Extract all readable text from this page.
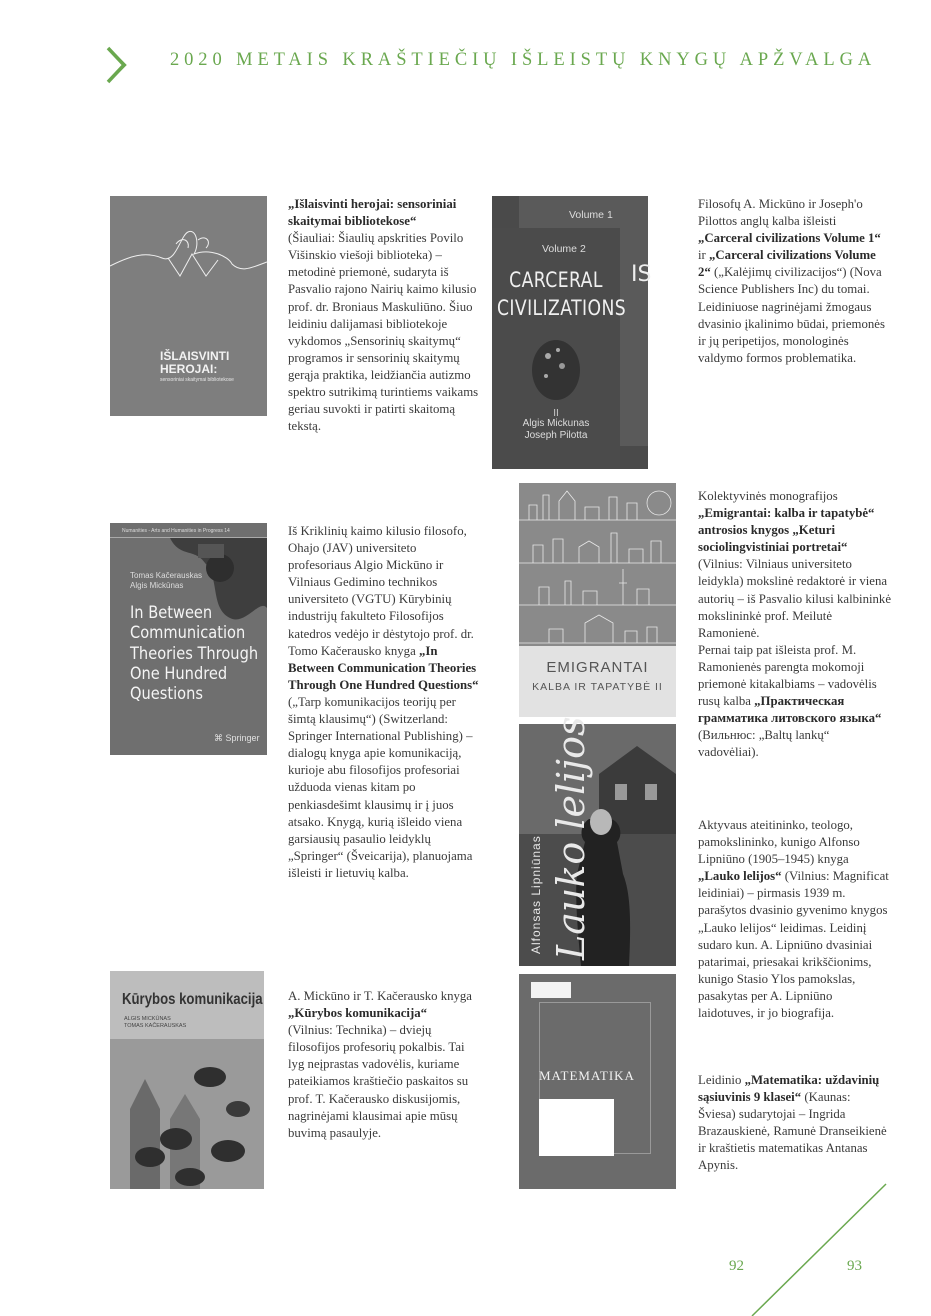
2020 METAIS KRAŠTIEČIŲ IŠLEISTŲ KNYGŲ APŽVALGA
IŠLAISVINTI HEROJAI:
sensoriniai skaitymai bibliotekose
Numanities - Arts and Humanities in Progress 14
Tomas Kačerauskas
Algis Mickūnas
In Between Communication Theories Through One Hundred Questions
⌘ Springer
Kūrybos komunikacija
ALGIS MICKŪNAS
TOMAS KAČERAUSKAS
Volume 1
IS
Volume 2
CARCERAL
CIVILIZATIONS
II
Algis Mickunas
Joseph Pilotta
EMIGRANTAI
KALBA IR TAPATYBĖ II
Alfonsas Lipniūnas Lauko lelijos
MATEMATIKA

„Išlaisvinti herojai: sensoriniai skaitymai bibliotekose“

(Šiauliai: Šiaulių apskrities Povilo Višinskio viešoji biblioteka) – metodinė priemonė, sudaryta iš Pasvalio rajono Nairių kaimo kilusio prof. dr. Broniaus Maskuliūno. Šiuo leidiniu dalijamasi bibliotekoje vykdomos „Sensorinių skaitymų“ programos ir sensorinių skaitymų gerąja praktika, leidžiančia autizmo spektro sutrikimą turintiems vaikams geriau suvokti ir patirti skaitomą tekstą.

Iš Kriklinių kaimo kilusio filosofo, Ohajo (JAV) universiteto profesoriaus Algio Mickūno ir Vilniaus Gedimino technikos universiteto (VGTU) Kūrybinių industrijų fakulteto Filosofijos katedros vedėjo ir dėstytojo prof. dr. Tomo Kačerausko knyga „In Between Communication Theories Through One Hundred Questions“

(„Tarp komunikacijos teorijų per šimtą klausimų“) (Switzerland: Springer International Publishing) – dialogų knyga apie komunikaciją, kurioje abu filosofijos profesoriai užduoda vienas kitam po penkiasdešimt klausimų ir į juos atsako. Knygą, kurią išleido viena garsiausių pasaulio leidyklų „Springer“ (Šveicarija), planuojama išleisti ir lietuvių kalba.

A. Mickūno ir T. Kačerausko knyga „Kūrybos komunikacija“

(Vilnius: Technika) – dviejų filosofijos profesorių pokalbis. Tai lyg neįprastas vadovėlis, kuriame pateikiamos kraštiečio paskaitos su prof. T. Kačerausko diskusijomis, nagrinėjami klausimai apie mūsų buvimą pasaulyje.

Filosofų A. Mickūno ir Joseph'o Pilottos anglų kalba išleisti „Carceral civilizations Volume 1“ ir „Carceral civilizations Volume 2“ („Kalėjimų civilizacijos“) (Nova Science Publishers Inc) du tomai. Leidiniuose nagrinėjami žmogaus dvasinio įkalinimo būdai, priemonės ir jų peripetijos, monologinės valdymo formos problematika.

Kolektyvinės monografijos „Emigrantai: kalba ir tapatybė“ antrosios knygos „Keturi sociolingvistiniai portretai“ (Vilnius: Vilniaus universiteto leidykla) mokslinė redaktorė ir viena autorių – iš Pasvalio kilusi kalbininkė mokslininkė prof. Meilutė Ramonienė.

Pernai taip pat išleista prof. M. Ramonienės parengta mokomoji priemonė kitakalbiams – vadovėlis rusų kalba „Практическая грамматика литовского языка“ (Вильнюс: „Baltų lankų“ vadovėliai).

Aktyvaus ateitininko, teologo, pamokslininko, kunigo Alfonso Lipniūno (1905–1945) knyga „Lauko lelijos“ (Vilnius: Magnificat leidiniai) – pirmasis 1939 m. parašytos dvasinio gyvenimo knygos „Lauko lelijos“ leidimas. Leidinį sudaro kun. A. Lipniūno dvasiniai patarimai, priesakai krikščionims, kunigo Stasio Ylos pamokslas, pasakytas per A. Lipniūno laidotuves, ir jo biografija.

Leidinio „Matematika: uždavinių sąsiuvinis 9 klasei“ (Kaunas: Šviesa) sudarytojai – Ingrida Brazauskienė, Ramunė Dranseikienė ir kraštietis matematikas Antanas Apynis.

92	93
